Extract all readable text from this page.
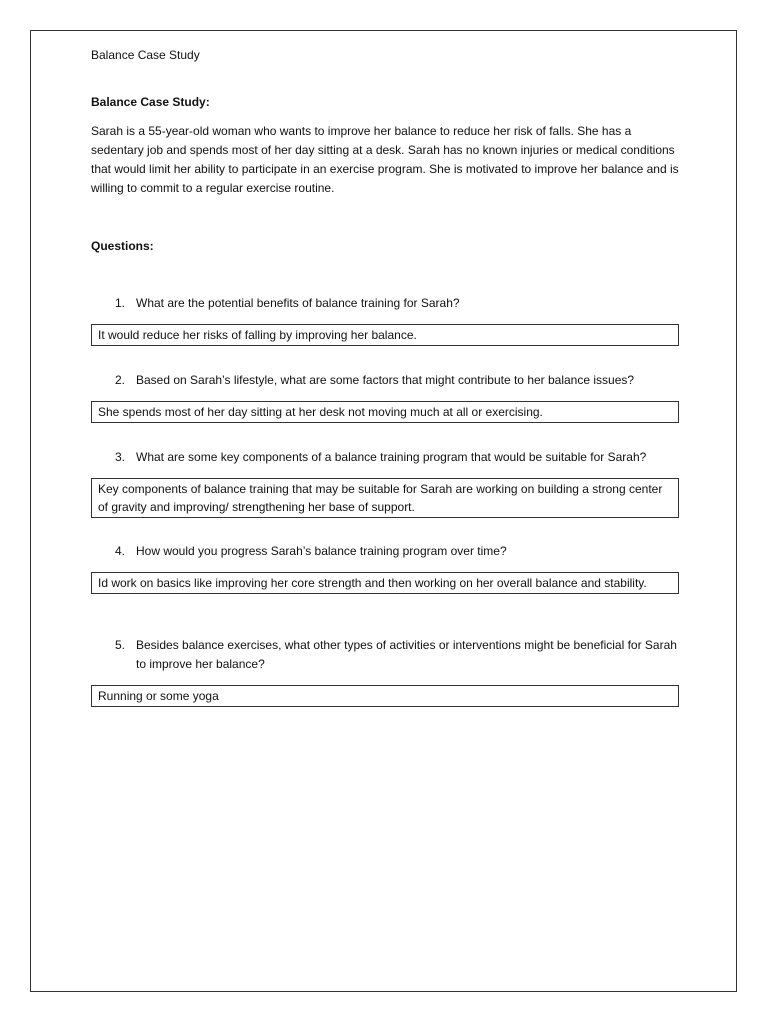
Balance Case Study
Balance Case Study:
Sarah is a 55-year-old woman who wants to improve her balance to reduce her risk of falls. She has a sedentary job and spends most of her day sitting at a desk. Sarah has no known injuries or medical conditions that would limit her ability to participate in an exercise program. She is motivated to improve her balance and is willing to commit to a regular exercise routine.
Questions:
1. What are the potential benefits of balance training for Sarah?
2. Based on Sarah’s lifestyle, what are some factors that might contribute to her balance issues?
3. What are some key components of a balance training program that would be suitable for Sarah?
4. How would you progress Sarah’s balance training program over time?
5. Besides balance exercises, what other types of activities or interventions might be beneficial for Sarah to improve her balance?
It would reduce her risks of falling by improving her balance.
She spends most of her day sitting at her desk not moving much at all or exercising.
Key components of balance training that may be suitable for Sarah are working on building a strong center of gravity and improving/ strengthening her base of support.
Id work on basics like improving her core strength and then working on her overall balance and stability.
Running or some yoga
